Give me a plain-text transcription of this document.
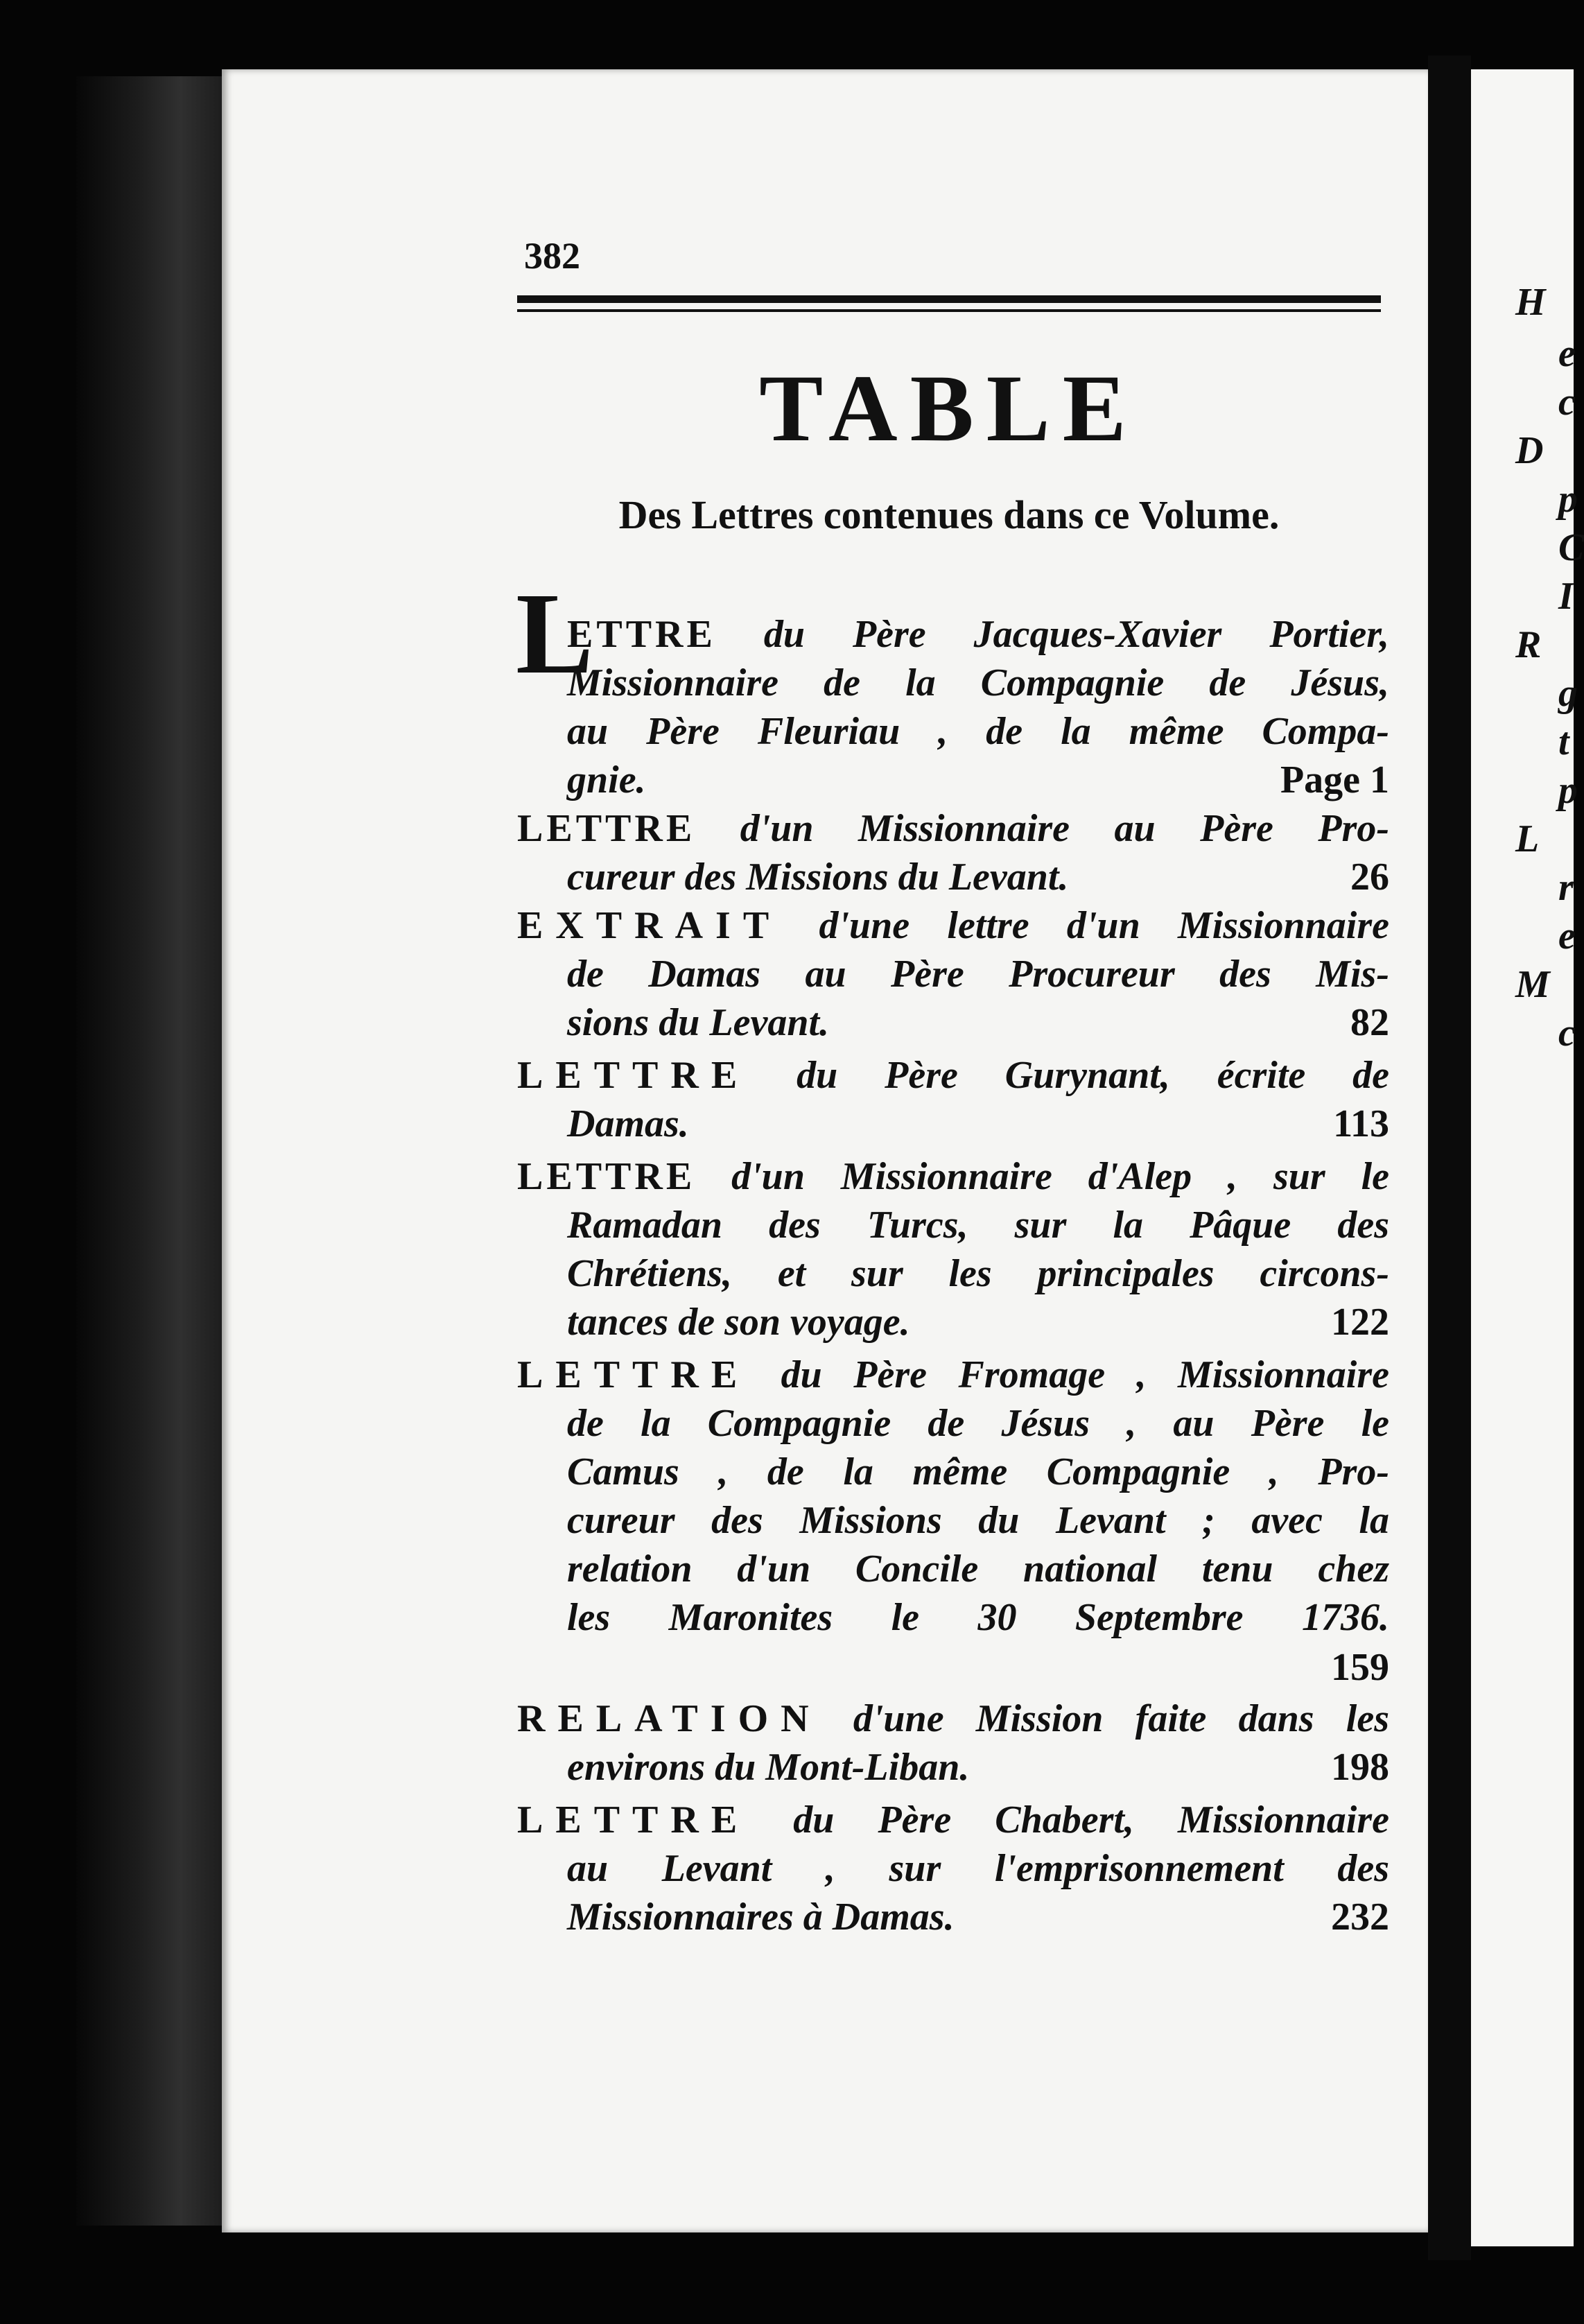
H
e
c
D
p
C
I
R
g
t
p
L
r
e
M
c
382
TABLE
Des Lettres contenues dans ce Volume.
L
ETTRE du Père Jacques-Xavier Portier,
Missionnaire de la Compagnie de Jésus,
au Père Fleuriau , de la même Compa-
gnie.	Page 1
LETTRE d'un Missionnaire au Père Pro-
cureur des Missions du Levant.	26
EXTRAIT d'une lettre d'un Missionnaire
de Damas au Père Procureur des Mis-
sions du Levant.	82
LETTRE du Père Gurynant, écrite de
Damas.	113
LETTRE d'un Missionnaire d'Alep , sur le
Ramadan des Turcs, sur la Pâque des
Chrétiens, et sur les principales circons-
tances de son voyage.	122
LETTRE du Père Fromage , Missionnaire
de la Compagnie de Jésus , au Père le
Camus , de la même Compagnie , Pro-
cureur des Missions du Levant ; avec la
relation d'un Concile national tenu chez
les Maronites le 30 Septembre 1736.
159
RELATION d'une Mission faite dans les
environs du Mont-Liban.	198
LETTRE du Père Chabert, Missionnaire
au Levant , sur l'emprisonnement des
Missionnaires à Damas.	232
